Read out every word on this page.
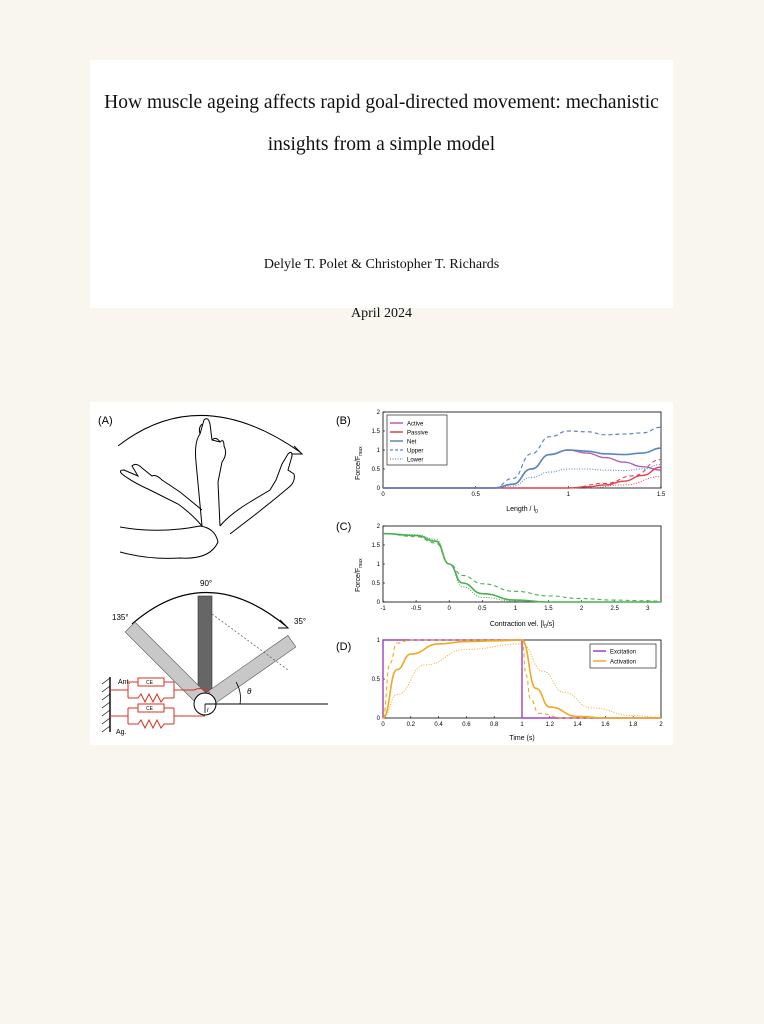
How muscle ageing affects rapid goal-directed movement: mechanistic
insights from a simple model
Delyle T. Polet & Christopher T. Richards
April 2024
(A)
90°
135°	35°
r
θ
Ant.
Ag.
CE
CE
(B)
Force/$F_{max}$
0
0.5
1
1.5
2
0	0.5	1	1.5
Length / $l_0$
Active
Passive
Net
Upper
Lower
(C)
Force/$F_{max}$
0
0.5
1
1.5
2
-1	-0.5	0	0.5	1	1.5	2	2.5	3
Contraction vel. $[l_0/s]$
(D)
0
0.5
1
0	0.2	0.4	0.6	0.8	1	1.2	1.4	1.6	1.8	2
Time (s)
Excitation
Activation
